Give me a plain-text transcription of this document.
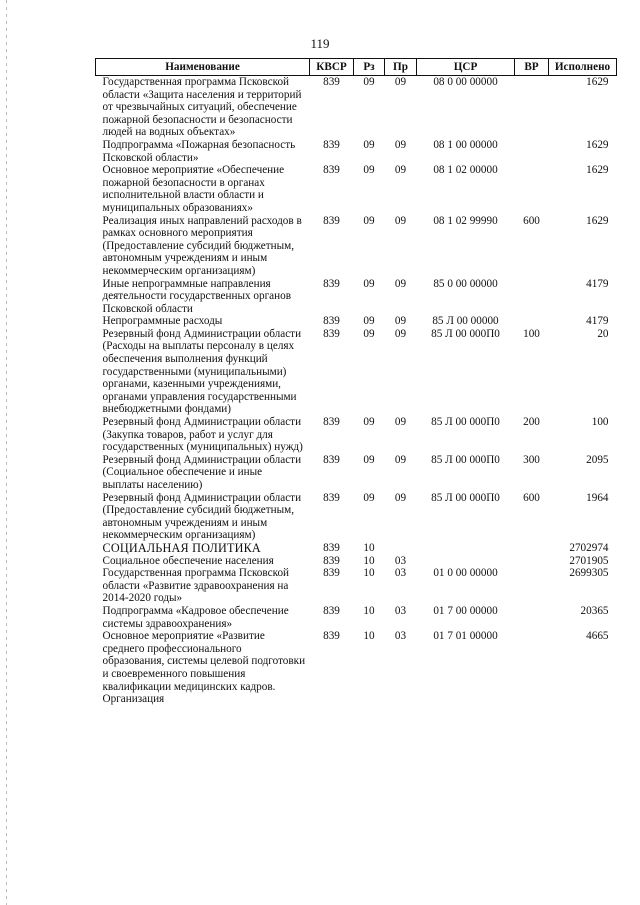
119
Наименование	КВСР	Рз	Пр	ЦСР	ВР	Исполнено
Государственная программа Псковской области «Защита населения и территорий от чрезвычайных ситуаций, обеспечение пожарной безопасности и безопасности людей на водных объектах»	839	09	09	08 0 00 00000		1629
Подпрограмма «Пожарная безопасность Псковской области»	839	09	09	08 1 00 00000		1629
Основное мероприятие «Обеспечение пожарной безопасности в органах исполнительной власти области и муниципальных образованиях»	839	09	09	08 1 02 00000		1629
Реализация иных направлений расходов в рамках основного мероприятия (Предоставление субсидий бюджетным, автономным учреждениям и иным некоммерческим организациям)	839	09	09	08 1 02 99990	600	1629
Иные непрограммные направления деятельности государственных органов Псковской области	839	09	09	85 0 00 00000		4179
Непрограммные расходы	839	09	09	85 Л 00 00000		4179
Резервный фонд Администрации области (Расходы на выплаты персоналу в целях обеспечения выполнения функций государственными (муниципальными) органами, казенными учреждениями, органами управления государственными внебюджетными фондами)	839	09	09	85 Л 00 000П0	100	20
Резервный фонд Администрации области (Закупка товаров, работ и услуг для государственных (муниципальных) нужд)	839	09	09	85 Л 00 000П0	200	100
Резервный фонд Администрации области (Социальное обеспечение и иные выплаты населению)	839	09	09	85 Л 00 000П0	300	2095
Резервный фонд Администрации области (Предоставление субсидий бюджетным, автономным учреждениям и иным некоммерческим организациям)	839	09	09	85 Л 00 000П0	600	1964
СОЦИАЛЬНАЯ ПОЛИТИКА	839	10				2702974
Социальное обеспечение населения	839	10	03			2701905
Государственная программа Псковской области «Развитие здравоохранения на 2014-2020 годы»	839	10	03	01 0 00 00000		2699305
Подпрограмма «Кадровое обеспечение системы здравоохранения»	839	10	03	01 7 00 00000		20365
Основное мероприятие «Развитие среднего профессионального образования, системы целевой подготовки и своевременного повышения квалификации медицинских кадров. Организация	839	10	03	01 7 01 00000		4665
